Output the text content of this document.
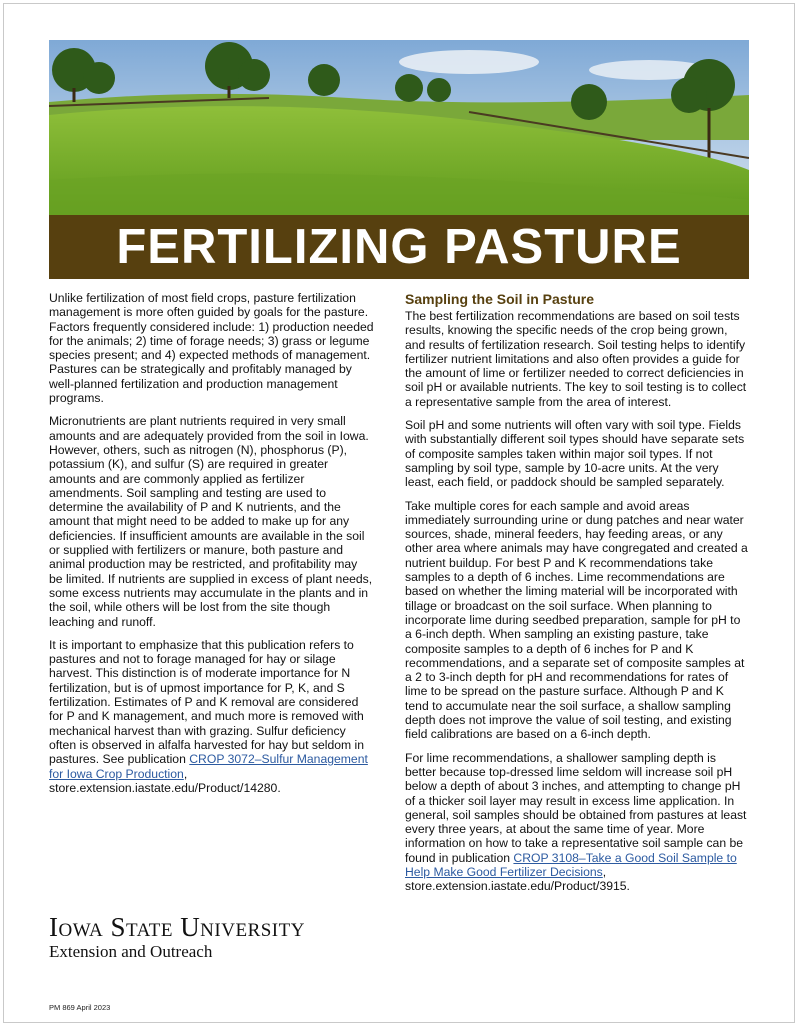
FERTILIZING PASTURE

Unlike fertilization of most field crops, pasture fertilization management is more often guided by goals for the pasture. Factors frequently considered include: 1) production needed for the animals; 2) time of forage needs; 3) grass or legume species present; and 4) expected methods of management. Pastures can be strategically and profitably managed by well-planned fertilization and production management programs.

Micronutrients are plant nutrients required in very small amounts and are adequately provided from the soil in Iowa. However, others, such as nitrogen (N), phosphorus (P), potassium (K), and sulfur (S) are required in greater amounts and are commonly applied as fertilizer amendments. Soil sampling and testing are used to determine the availability of P and K nutrients, and the amount that might need to be added to make up for any deficiencies. If insufficient amounts are available in the soil or supplied with fertilizers or manure, both pasture and animal production may be restricted, and profitability may be limited. If nutrients are supplied in excess of plant needs, some excess nutrients may accumulate in the plants and in the soil, while others will be lost from the site though leaching and runoff.

It is important to emphasize that this publication refers to pastures and not to forage managed for hay or silage harvest. This distinction is of moderate importance for N fertilization, but is of upmost importance for P, K, and S fertilization. Estimates of P and K removal are considered for P and K management, and much more is removed with mechanical harvest than with grazing. Sulfur deficiency often is observed in alfalfa harvested for hay but seldom in pastures. See publication CROP 3072–Sulfur Management for Iowa Crop Production, store.extension.iastate.edu/Product/14280.

Sampling the Soil in Pasture

The best fertilization recommendations are based on soil tests results, knowing the specific needs of the crop being grown, and results of fertilization research. Soil testing helps to identify fertilizer nutrient limitations and also often provides a guide for the amount of lime or fertilizer needed to correct deficiencies in soil pH or available nutrients. The key to soil testing is to collect a representative sample from the area of interest.

Soil pH and some nutrients will often vary with soil type. Fields with substantially different soil types should have separate sets of composite samples taken within major soil types. If not sampling by soil type, sample by 10-acre units. At the very least, each field, or paddock should be sampled separately.

Take multiple cores for each sample and avoid areas immediately surrounding urine or dung patches and near water sources, shade, mineral feeders, hay feeding areas, or any other area where animals may have congregated and created a nutrient buildup. For best P and K recommendations take samples to a depth of 6 inches. Lime recommendations are based on whether the liming material will be incorporated with tillage or broadcast on the soil surface. When planning to incorporate lime during seedbed preparation, sample for pH to a 6-inch depth. When sampling an existing pasture, take composite samples to a depth of 6 inches for P and K recommendations, and a separate set of composite samples at a 2 to 3-inch depth for pH and recommendations for rates of lime to be spread on the pasture surface. Although P and K tend to accumulate near the soil surface, a shallow sampling depth does not improve the value of soil testing, and existing field calibrations are based on a 6-inch depth.

For lime recommendations, a shallower sampling depth is better because top-dressed lime seldom will increase soil pH below a depth of about 3 inches, and attempting to change pH of a thicker soil layer may result in excess lime application. In general, soil samples should be obtained from pastures at least every three years, at about the same time of year. More information on how to take a representative soil sample can be found in publication CROP 3108–Take a Good Soil Sample to Help Make Good Fertilizer Decisions, store.extension.iastate.edu/Product/3915.

Iowa State University
Extension and Outreach
PM 869 April 2023
